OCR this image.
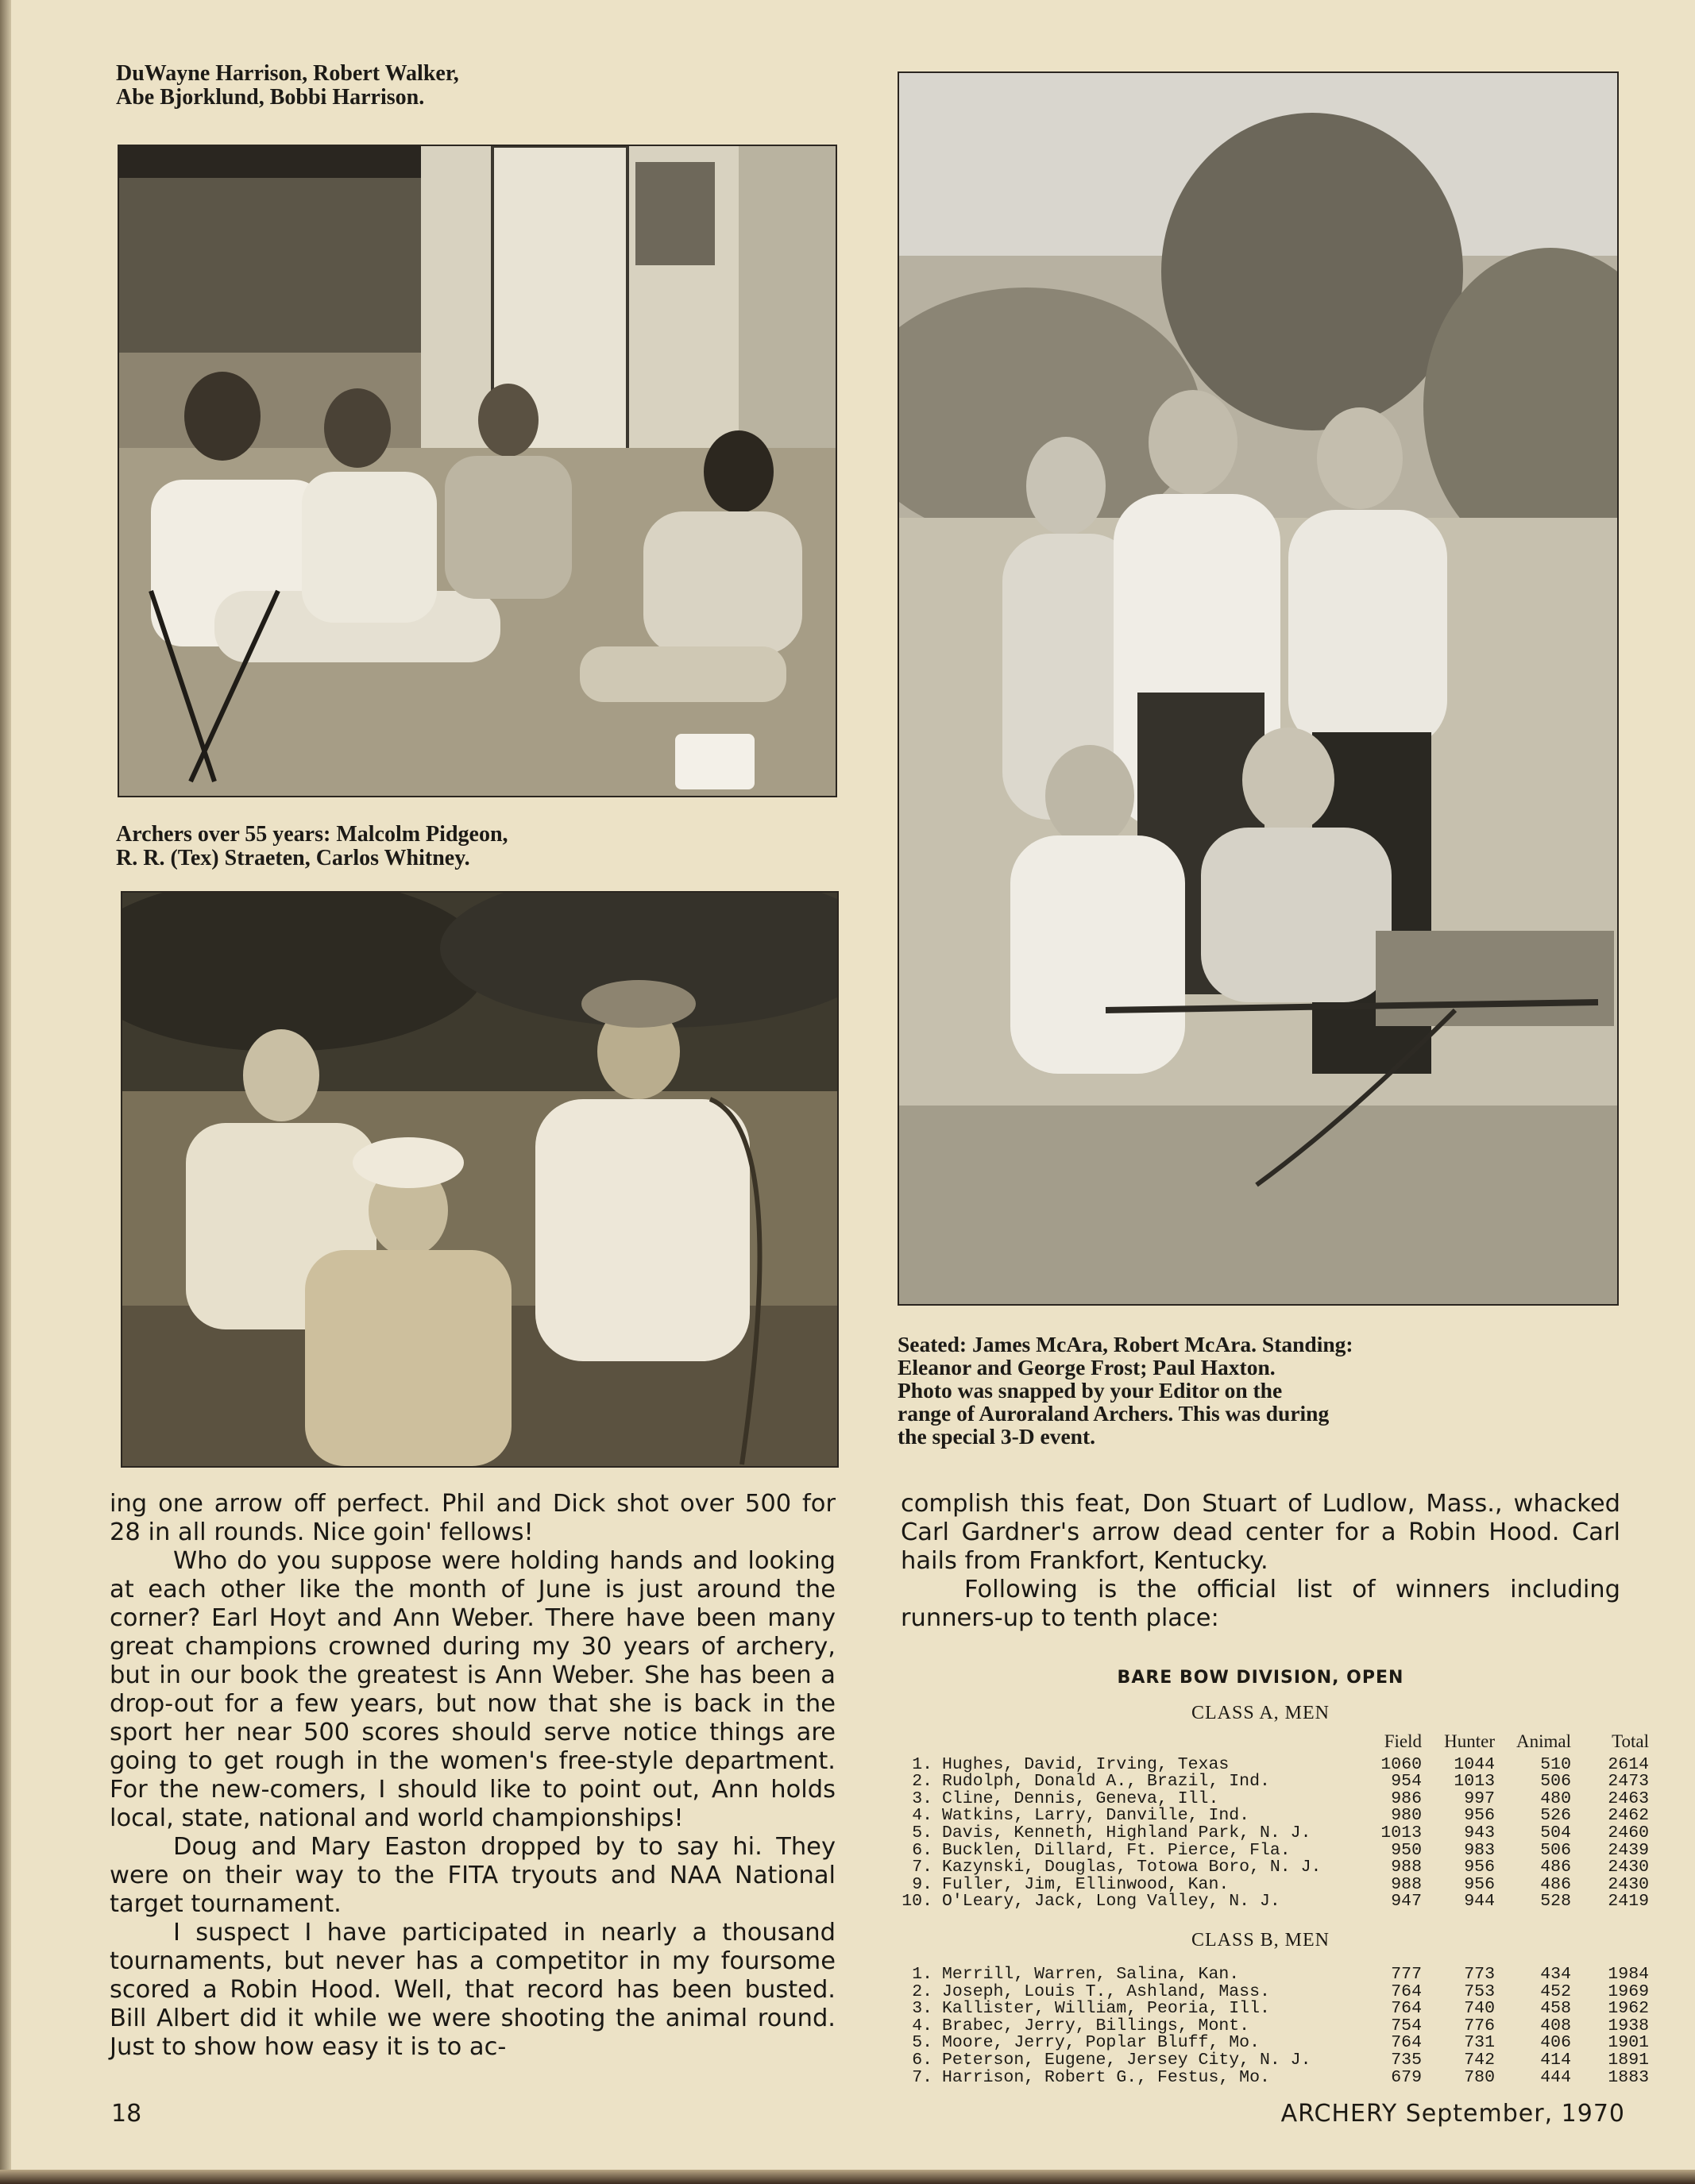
DuWayne Harrison, Robert Walker,
Abe Bjorklund, Bobbi Harrison.
Archers over 55 years: Malcolm Pidgeon,
R. R. (Tex) Straeten, Carlos Whitney.
Seated: James McAra, Robert McAra. Standing:
Eleanor and George Frost; Paul Haxton.
Photo was snapped by your Editor on the
range of Auroraland Archers. This was during
the special 3-D event.

ing one arrow off perfect. Phil and Dick shot over 500 for 28 in all rounds. Nice goin' fellows!

Who do you suppose were holding hands and looking at each other like the month of June is just around the corner? Earl Hoyt and Ann Weber. There have been many great champions crowned during my 30 years of archery, but in our book the greatest is Ann Weber. She has been a drop-out for a few years, but now that she is back in the sport her near 500 scores should serve notice things are going to get rough in the women's free-style department. For the new-comers, I should like to point out, Ann holds local, state, national and world championships!

Doug and Mary Easton dropped by to say hi. They were on their way to the FITA tryouts and NAA National target tournament.

I suspect I have participated in nearly a thousand tournaments, but never has a competitor in my foursome scored a Robin Hood. Well, that record has been busted. Bill Albert did it while we were shooting the animal round. Just to show how easy it is to ac-

complish this feat, Don Stuart of Ludlow, Mass., whacked Carl Gardner's arrow dead center for a Robin Hood. Carl hails from Frankfort, Kentucky.

Following is the official list of winners including runners-up to tenth place:

BARE BOW DIVISION, OPEN
CLASS A, MEN
		Field	Hunter	Animal	Total
1.	Hughes, David, Irving, Texas	1060	1044	510	2614
2.	Rudolph, Donald A., Brazil, Ind.	954	1013	506	2473
3.	Cline, Dennis, Geneva, Ill.	986	997	480	2463
4.	Watkins, Larry, Danville, Ind.	980	956	526	2462
5.	Davis, Kenneth, Highland Park, N. J.	1013	943	504	2460
6.	Bucklen, Dillard, Ft. Pierce, Fla.	950	983	506	2439
7.	Kazynski, Douglas, Totowa Boro, N. J.	988	956	486	2430
9.	Fuller, Jim, Ellinwood, Kan.	988	956	486	2430
10.	O'Leary, Jack, Long Valley, N. J.	947	944	528	2419
CLASS B, MEN
1.	Merrill, Warren, Salina, Kan.	777	773	434	1984
2.	Joseph, Louis T., Ashland, Mass.	764	753	452	1969
3.	Kallister, William, Peoria, Ill.	764	740	458	1962
4.	Brabec, Jerry, Billings, Mont.	754	776	408	1938
5.	Moore, Jerry, Poplar Bluff, Mo.	764	731	406	1901
6.	Peterson, Eugene, Jersey City, N. J.	735	742	414	1891
7.	Harrison, Robert G., Festus, Mo.	679	780	444	1883
18	ARCHERY September, 1970
